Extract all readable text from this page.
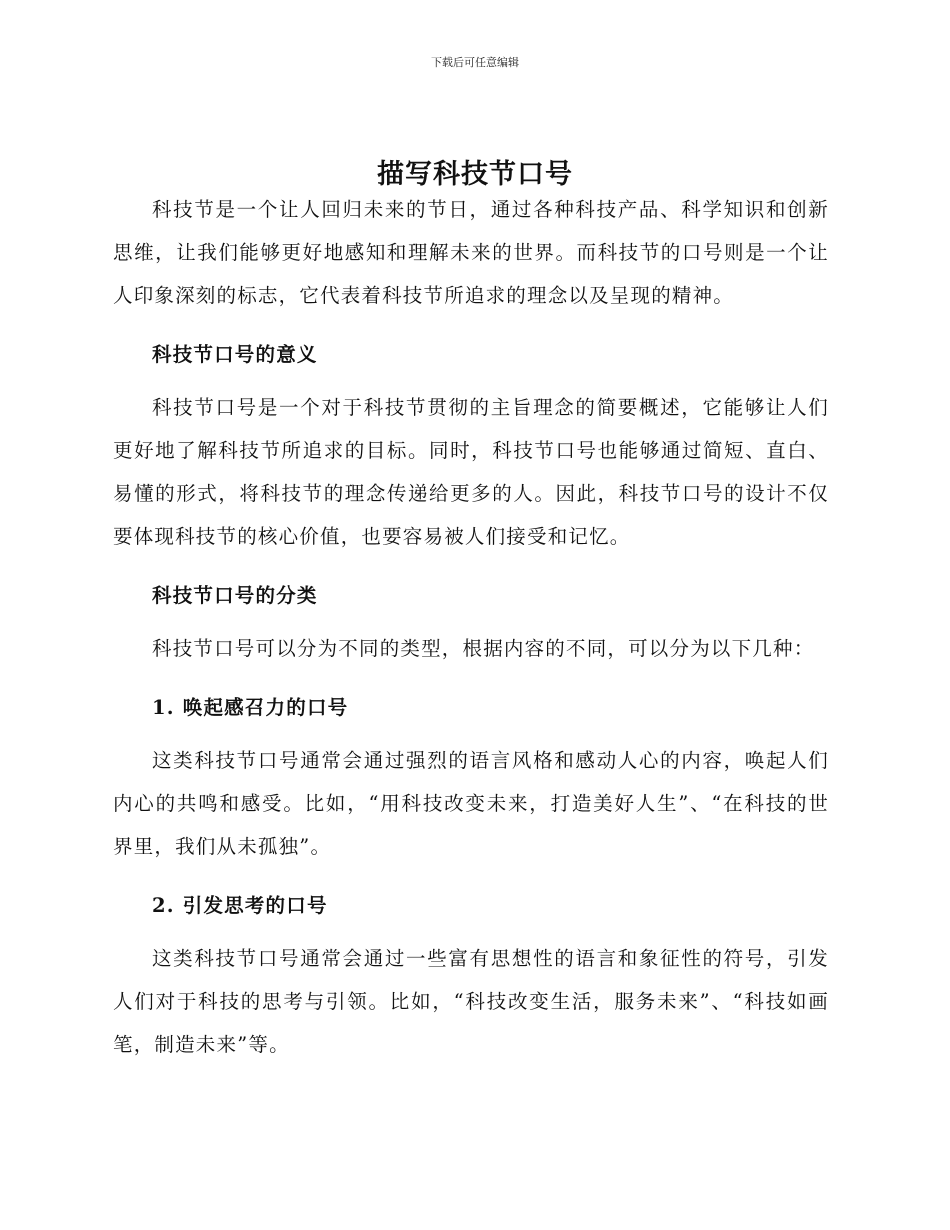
下载后可任意编辑
描写科技节口号

科技节是一个让人回归未来的节日，通过各种科技产品、科学知识和创新思维，让我们能够更好地感知和理解未来的世界。而科技节的口号则是一个让人印象深刻的标志，它代表着科技节所追求的理念以及呈现的精神。

科技节口号的意义

科技节口号是一个对于科技节贯彻的主旨理念的简要概述，它能够让人们更好地了解科技节所追求的目标。同时，科技节口号也能够通过简短、直白、易懂的形式，将科技节的理念传递给更多的人。因此，科技节口号的设计不仅要体现科技节的核心价值，也要容易被人们接受和记忆。

科技节口号的分类

科技节口号可以分为不同的类型，根据内容的不同，可以分为以下几种：

1. 唤起感召力的口号

这类科技节口号通常会通过强烈的语言风格和感动人心的内容，唤起人们内心的共鸣和感受。比如，“用科技改变未来，打造美好人生”、“在科技的世界里，我们从未孤独”。

2. 引发思考的口号

这类科技节口号通常会通过一些富有思想性的语言和象征性的符号，引发人们对于科技的思考与引领。比如，“科技改变生活，服务未来”、“科技如画笔，制造未来”等。
